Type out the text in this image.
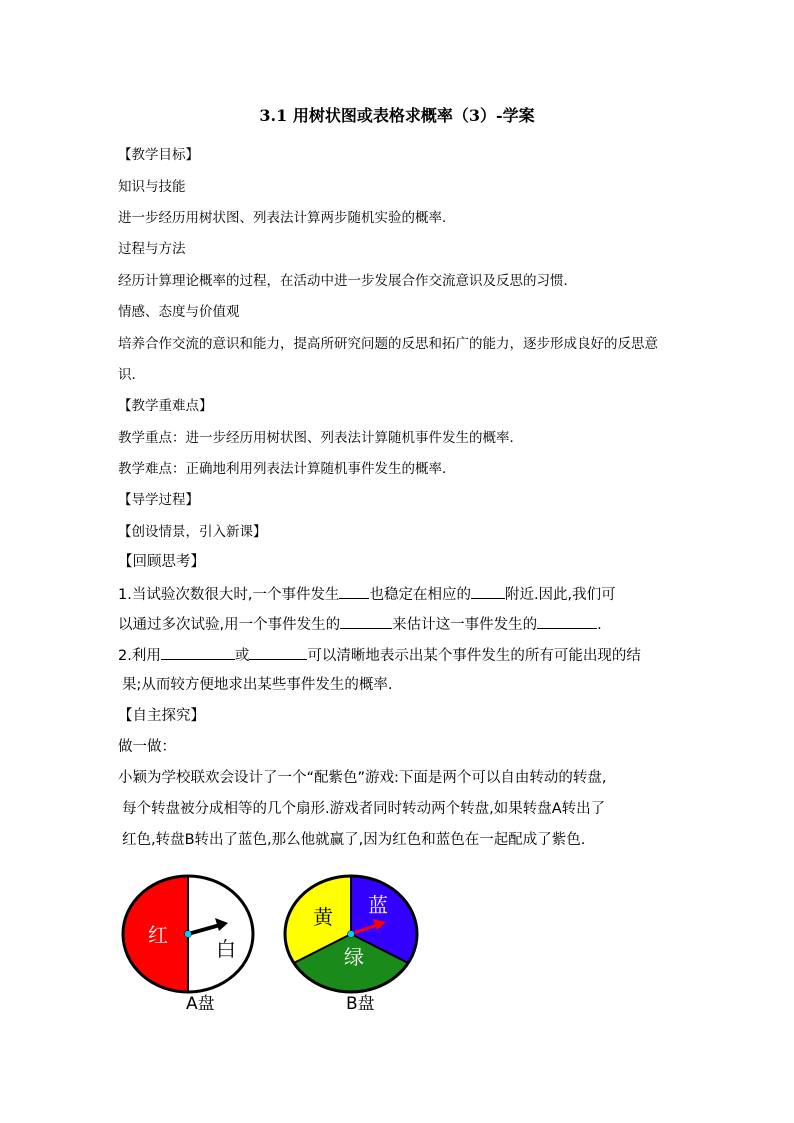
3.1 用树状图或表格求概率（3）-学案
【教学目标】
知识与技能
进一步经历用树状图、列表法计算两步随机实验的概率．
过程与方法
经历计算理论概率的过程，在活动中进一步发展合作交流意识及反思的习惯．
情感、态度与价值观
培养合作交流的意识和能力，提高所研究问题的反思和拓广的能力，逐步形成良好的反思意
识．
【教学重难点】
教学重点：进一步经历用树状图、列表法计算随机事件发生的概率．
教学难点：正确地利用列表法计算随机事件发生的概率．
【导学过程】
【创设情景，引入新课】
【回顾思考】
1.当试验次数很大时,一个事件发生 也稳定在相应的 附近.因此,我们可
以通过多次试验,用一个事件发生的	来估计这一事件发生的	.
2.利用	或	可以清晰地表示出某个事件发生的所有可能出现的结
果;从而较方便地求出某些事件发生的概率.
【自主探究】
做一做：
小颖为学校联欢会设计了一个“配紫色”游戏:下面是两个可以自由转动的转盘,
每个转盘被分成相等的几个扇形.游戏者同时转动两个转盘,如果转盘A转出了
红色,转盘B转出了蓝色,那么他就赢了,因为红色和蓝色在一起配成了紫色.
红
白
A盘
黄 蓝
绿
B盘
